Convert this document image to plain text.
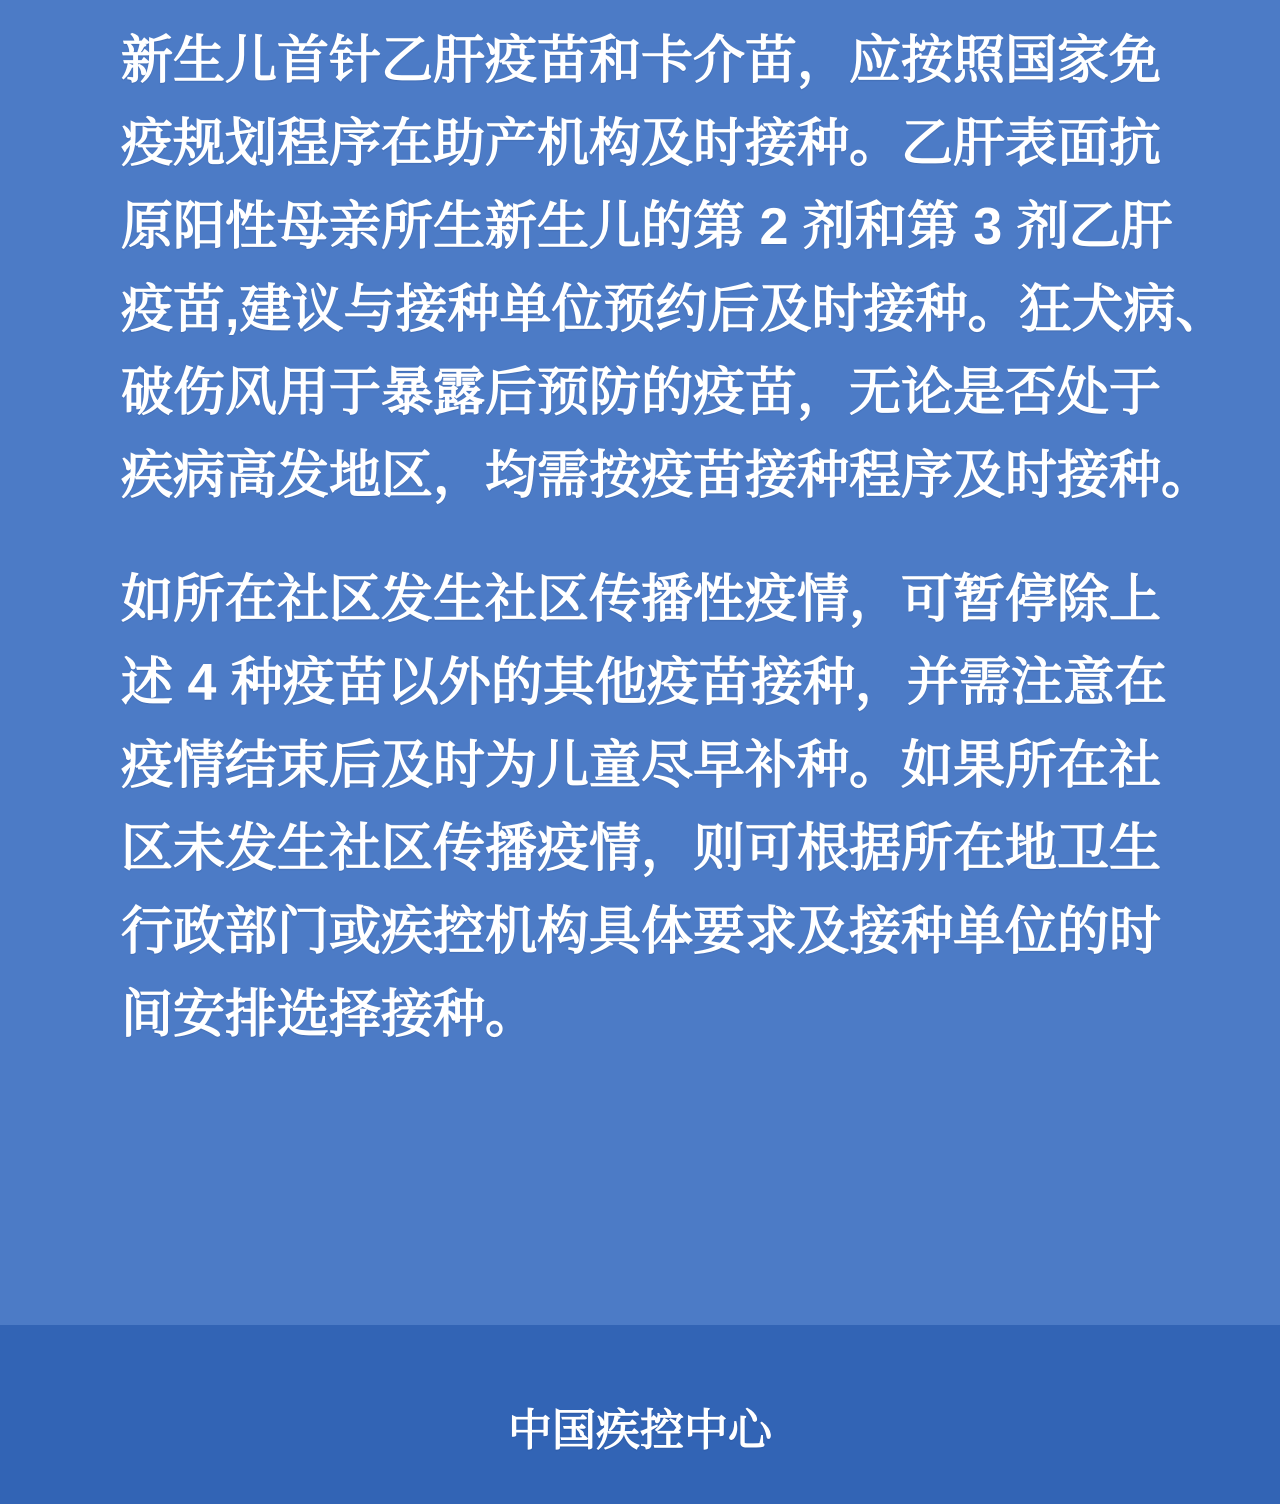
新生儿首针乙肝疫苗和卡介苗，应按照国家免
疫规划程序在助产机构及时接种。乙肝表面抗
原阳性母亲所生新生儿的第 2 剂和第 3 剂乙肝
疫苗,建议与接种单位预约后及时接种。狂犬病、
破伤风用于暴露后预防的疫苗，无论是否处于
疾病高发地区，均需按疫苗接种程序及时接种。
如所在社区发生社区传播性疫情，可暂停除上
述 4 种疫苗以外的其他疫苗接种，并需注意在
疫情结束后及时为儿童尽早补种。如果所在社
区未发生社区传播疫情，则可根据所在地卫生
行政部门或疾控机构具体要求及接种单位的时
间安排选择接种。
中国疾控中心
